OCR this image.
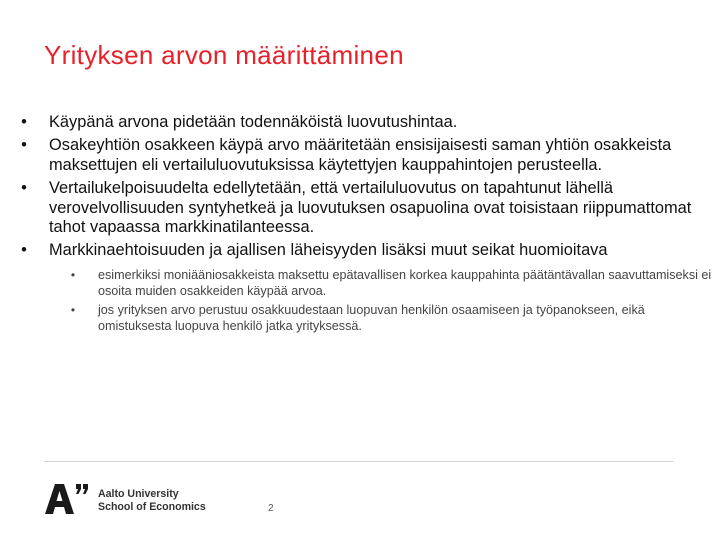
Yrityksen arvon määrittäminen
• Käypänä arvona pidetään todennäköistä luovutushintaa.
• Osakeyhtiön osakkeen käypä arvo määritetään ensisijaisesti saman yhtiön osakkeista maksettujen eli vertailuluovutuksissa käytettyjen kauppahintojen perusteella.
• Vertailukelpoisuudelta edellytetään, että vertailuluovutus on tapahtunut lähellä verovelvollisuuden syntyhetkeä ja luovutuksen osapuolina ovat toisistaan riippumattomat tahot vapaassa markkinatilanteessa.
• Markkinaehtoisuuden ja ajallisen läheisyyden lisäksi muut seikat huomioitava
•	esimerkiksi moniääniosakkeista maksettu epätavallisen korkea kauppahinta päätäntävallan saavuttamiseksi ei osoita muiden osakkeiden käypää arvoa.
•	jos yrityksen arvo perustuu osakkuudestaan luopuvan henkilön osaamiseen ja työpanokseen, eikä omistuksesta luopuva henkilö jatka yrityksessä.
Aalto University
School of Economics	2
